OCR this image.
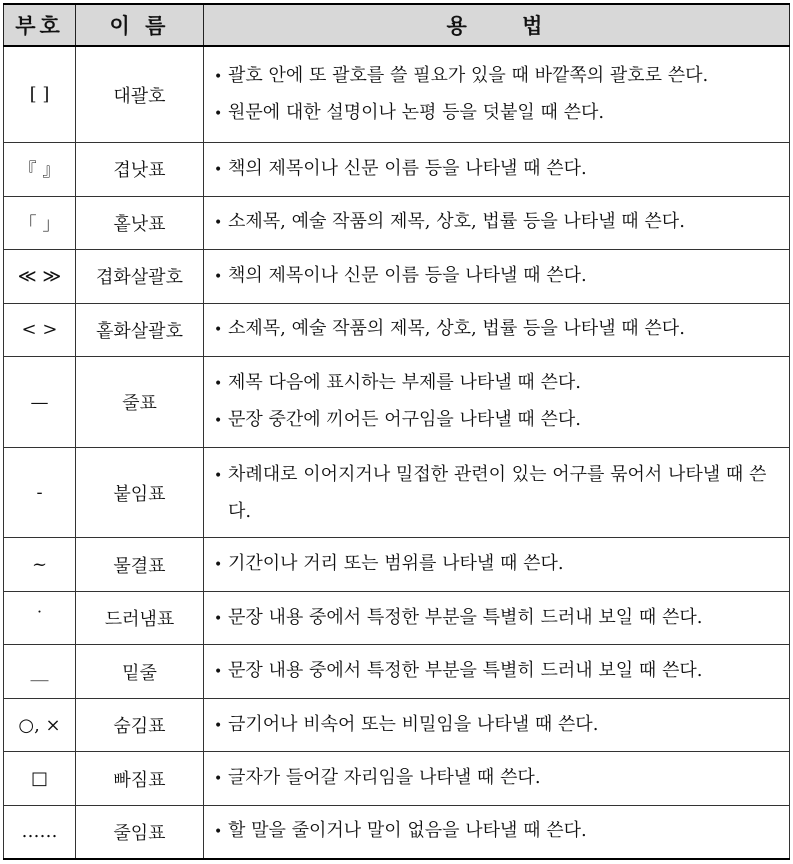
부호	이 름	용 법
[ ]	대괄호	• 괄호 안에 또 괄호를 쓸 필요가 있을 때 바깥쪽의 괄호로 쓴다.
• 원문에 대한 설명이나 논평 등을 덧붙일 때 쓴다.

『 』	겹낫표	• 책의 제목이나 신문 이름 등을 나타낼 때 쓴다.

「 」	홑낫표	• 소제목, 예술 작품의 제목, 상호, 법률 등을 나타낼 때 쓴다.

≪ ≫	겹화살괄호	• 책의 제목이나 신문 이름 등을 나타낼 때 쓴다.

< >	홑화살괄호	• 소제목, 예술 작품의 제목, 상호, 법률 등을 나타낼 때 쓴다.

—	줄표	• 제목 다음에 표시하는 부제를 나타낼 때 쓴다.
• 문장 중간에 끼어든 어구임을 나타낼 때 쓴다.

-	붙임표	• 차례대로 이어지거나 밀접한 관련이 있는 어구를 묶어서 나타낼 때 쓴다.

~	물결표	• 기간이나 거리 또는 범위를 나타낼 때 쓴다.

˙	드러냄표	• 문장 내용 중에서 특정한 부분을 특별히 드러내 보일 때 쓴다.

__	밑줄	• 문장 내용 중에서 특정한 부분을 특별히 드러내 보일 때 쓴다.

○, ×	숨김표	• 금기어나 비속어 또는 비밀임을 나타낼 때 쓴다.

□	빠짐표	• 글자가 들어갈 자리임을 나타낼 때 쓴다.

……	줄임표	• 할 말을 줄이거나 말이 없음을 나타낼 때 쓴다.
